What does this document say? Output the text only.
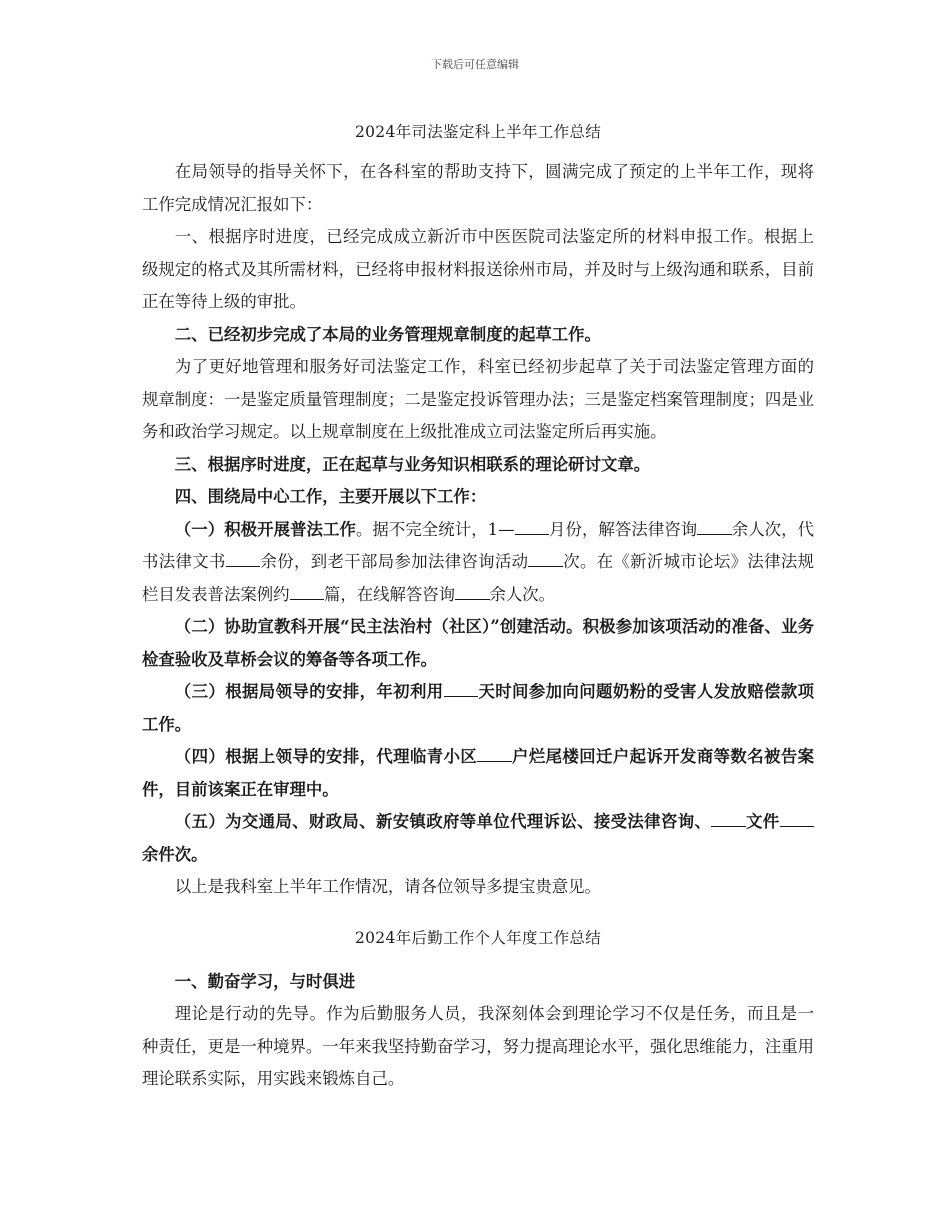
下载后可任意编辑
2024年司法鉴定科上半年工作总结

在局领导的指导关怀下，在各科室的帮助支持下，圆满完成了预定的上半年工作，现将工作完成情况汇报如下：

一、根据序时进度，已经完成成立新沂市中医医院司法鉴定所的材料申报工作。根据上级规定的格式及其所需材料，已经将申报材料报送徐州市局，并及时与上级沟通和联系，目前正在等待上级的审批。

二、已经初步完成了本局的业务管理规章制度的起草工作。

为了更好地管理和服务好司法鉴定工作，科室已经初步起草了关于司法鉴定管理方面的规章制度：一是鉴定质量管理制度；二是鉴定投诉管理办法；三是鉴定档案管理制度；四是业务和政治学习规定。以上规章制度在上级批准成立司法鉴定所后再实施。

三、根据序时进度，正在起草与业务知识相联系的理论研讨文章。

四、围绕局中心工作，主要开展以下工作：

（一）积极开展普法工作。据不完全统计，1— 月份，解答法律咨询 余人次，代书法律文书 余份，到老干部局参加法律咨询活动 次。在《新沂城市论坛》法律法规栏目发表普法案例约 篇，在线解答咨询 余人次。

（二）协助宣教科开展“民主法治村（社区）”创建活动。积极参加该项活动的准备、业务检查验收及草桥会议的筹备等各项工作。

（三）根据局领导的安排，年初利用 天时间参加向问题奶粉的受害人发放赔偿款项工作。

（四）根据上领导的安排，代理临青小区 户烂尾楼回迁户起诉开发商等数名被告案件，目前该案正在审理中。

（五）为交通局、财政局、新安镇政府等单位代理诉讼、接受法律咨询、 文件余件次。

以上是我科室上半年工作情况，请各位领导多提宝贵意见。

2024年后勤工作个人年度工作总结

一、勤奋学习，与时俱进

理论是行动的先导。作为后勤服务人员，我深刻体会到理论学习不仅是任务，而且是一种责任，更是一种境界。一年来我坚持勤奋学习，努力提高理论水平，强化思维能力，注重用理论联系实际，用实践来锻炼自己。
